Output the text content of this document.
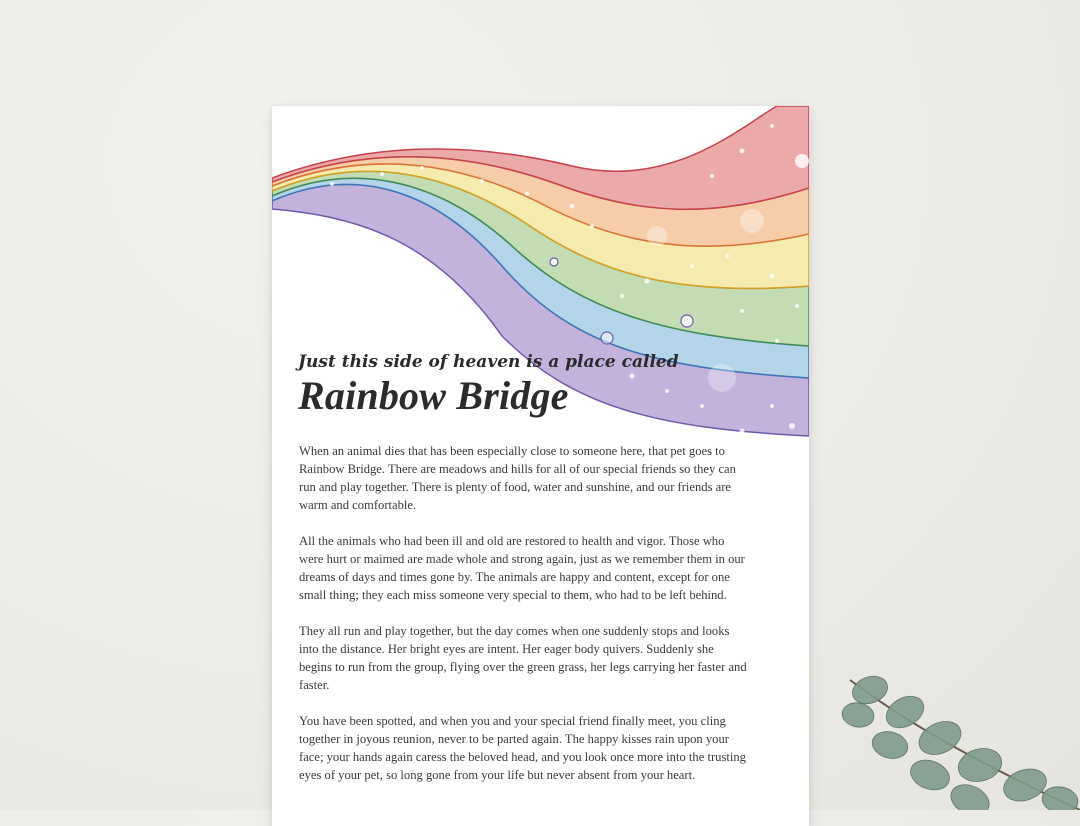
Just this side of heaven is a place called
Rainbow Bridge

When an animal dies that has been especially close to someone here, that pet goes to Rainbow Bridge. There are meadows and hills for all of our special friends so they can run and play together. There is plenty of food, water and sunshine, and our friends are warm and comfortable.

All the animals who had been ill and old are restored to health and vigor. Those who were hurt or maimed are made whole and strong again, just as we remember them in our dreams of days and times gone by. The animals are happy and content, except for one small thing; they each miss someone very special to them, who had to be left behind.

They all run and play together, but the day comes when one suddenly stops and looks into the distance. Her bright eyes are intent. Her eager body quivers. Suddenly she begins to run from the group, flying over the green grass, her legs carrying her faster and faster.

You have been spotted, and when you and your special friend finally meet, you cling together in joyous reunion, never to be parted again. The happy kisses rain upon your face; your hands again caress the beloved head, and you look once more into the trusting eyes of your pet, so long gone from your life but never absent from your heart.
